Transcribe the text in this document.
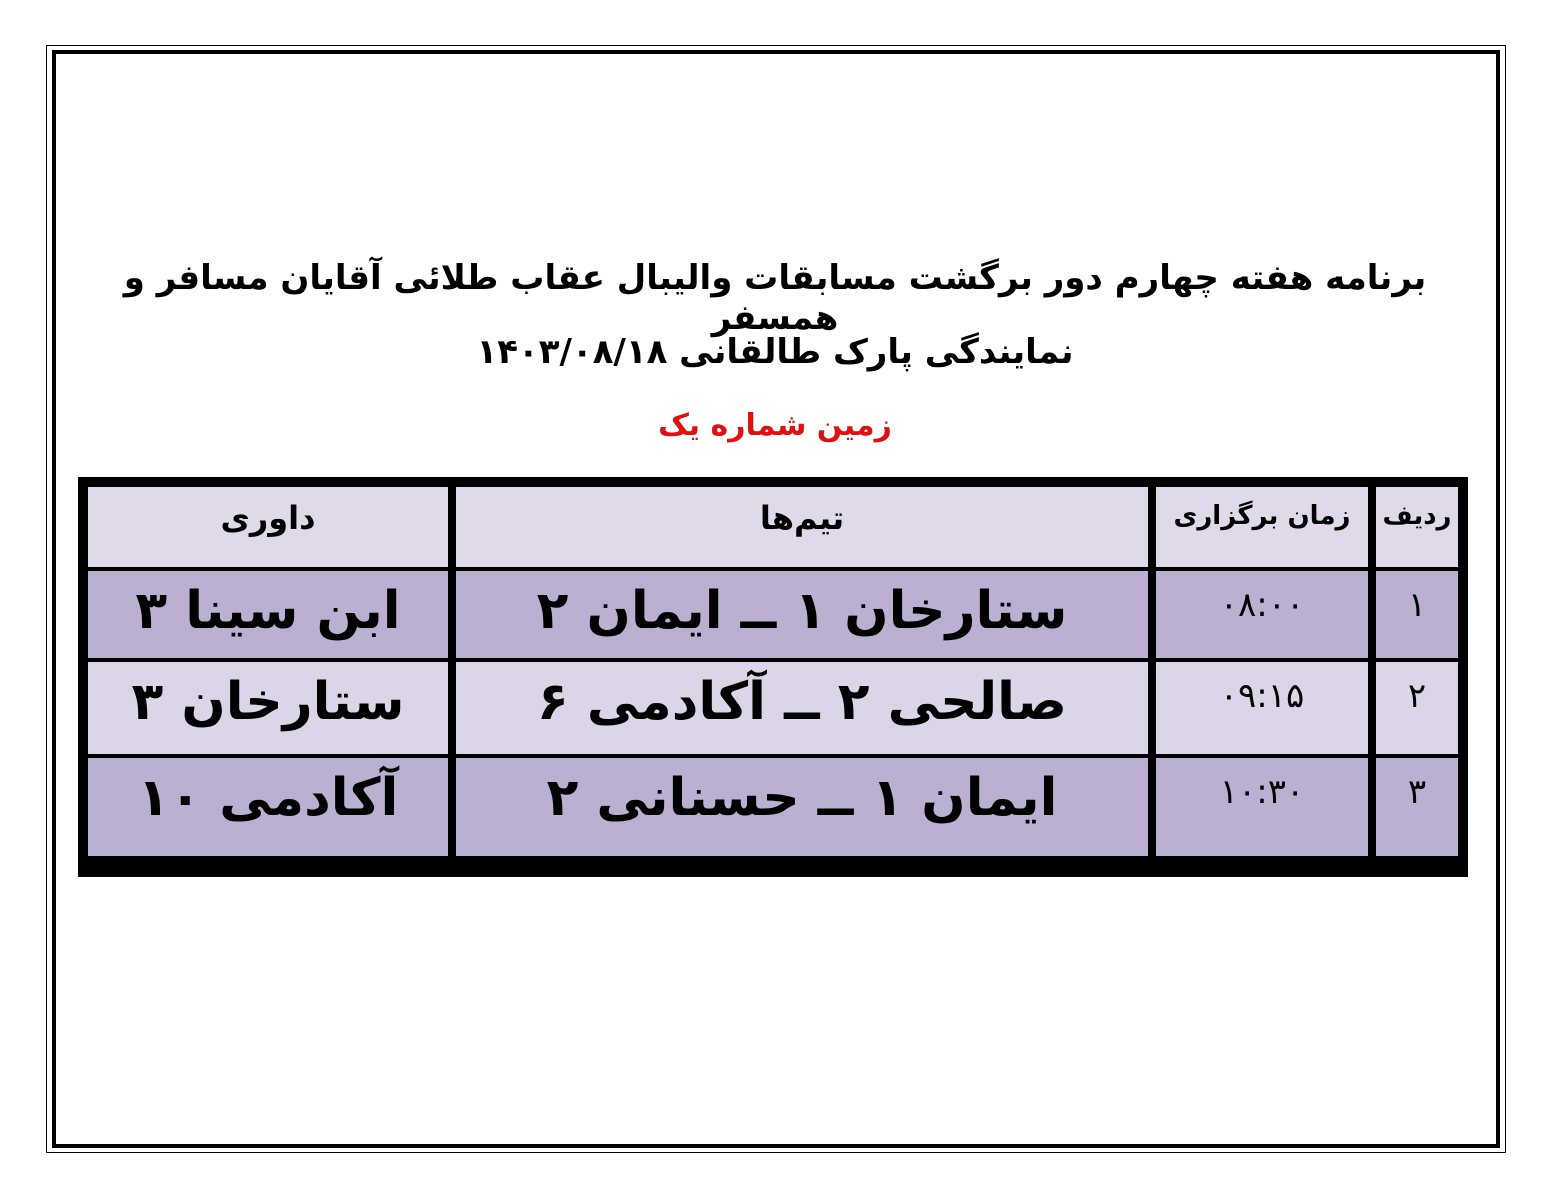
برنامه هفته چهارم دور برگشت مسابقات والیبال عقاب طلائی آقایان مسافر و همسفر
نمایندگی پارک طالقانی ۱۴۰۳/۰۸/۱۸
زمین شماره یک
ردیف
زمان برگزاری
تیم‌ها
داوری
۱
۰۸:۰۰
ستارخان ۱ ــ ایمان ۲
ابن سینا ۳
۲
۰۹:۱۵
صالحی ۲ ــ آکادمی ۶
ستارخان ۳
۳
۱۰:۳۰
ایمان ۱ ــ حسنانی ۲
آکادمی ۱۰
